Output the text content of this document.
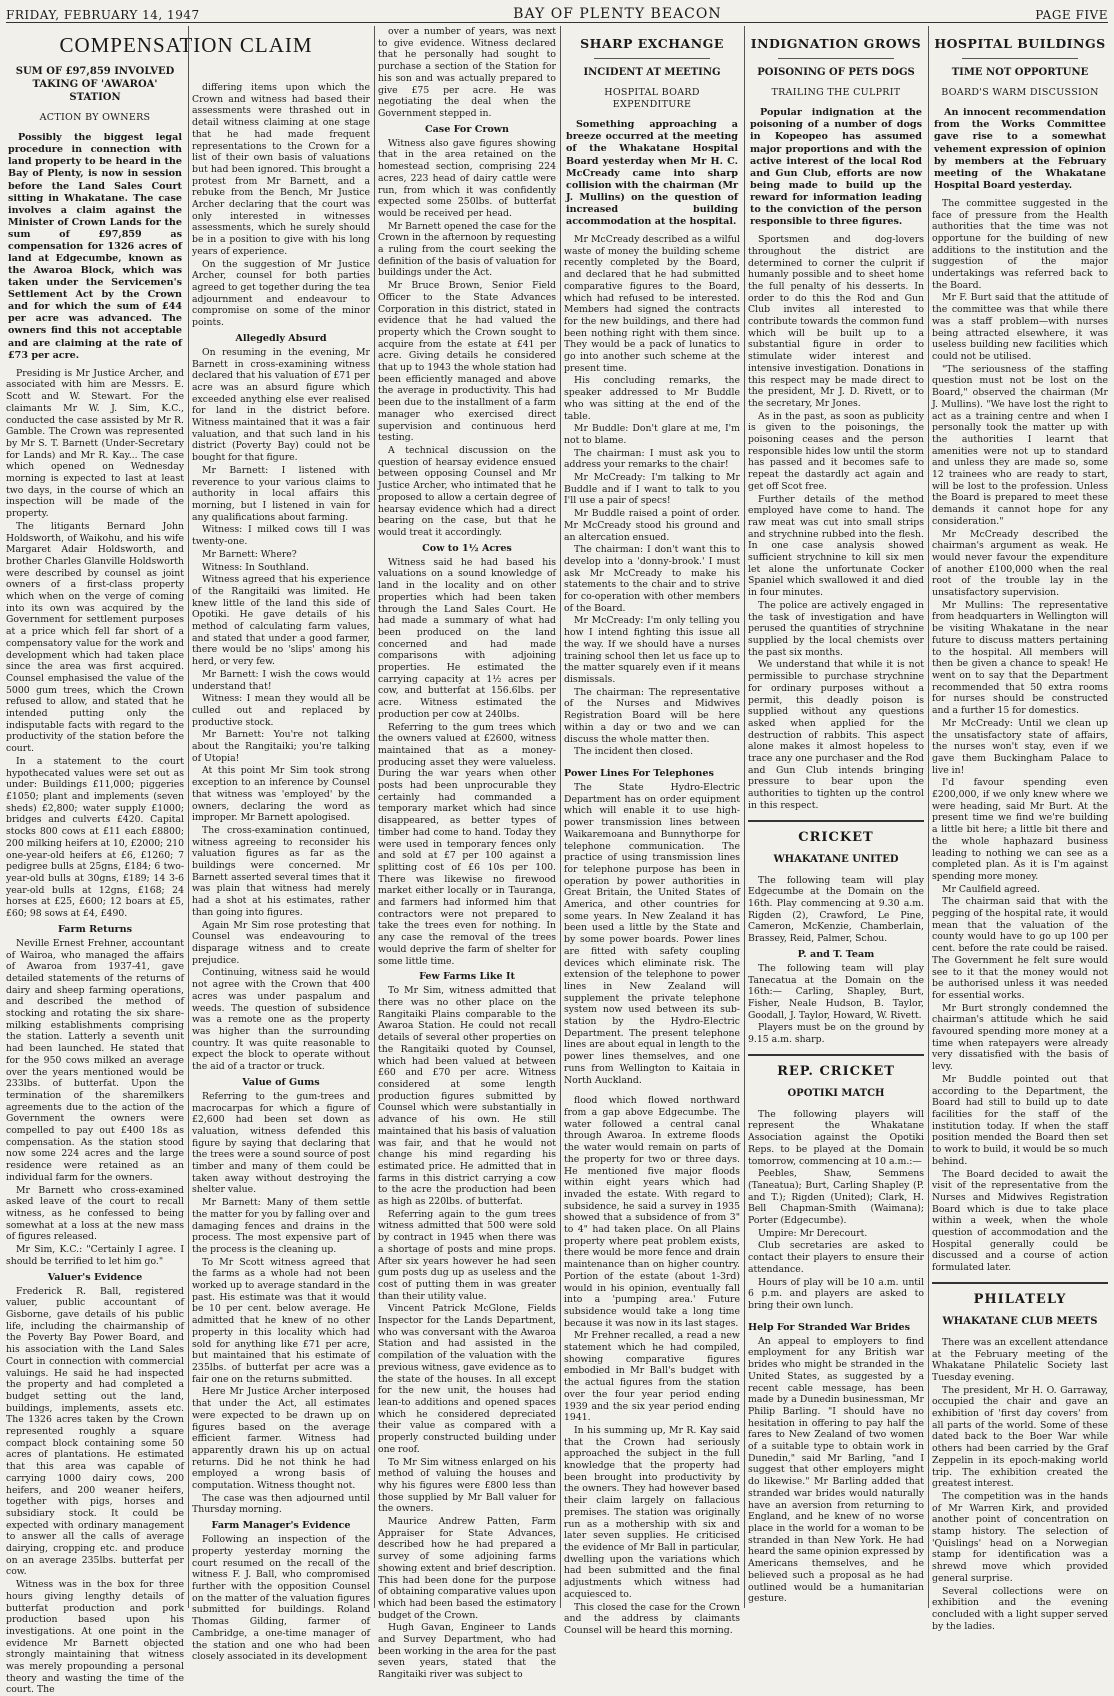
FRIDAY, FEBRUARY 14, 1947	BAY OF PLENTY BEACON	PAGE FIVE
COMPENSATION CLAIM
SUM OF £97,859 INVOLVED TAKING OF 'AWAROA' STATION
ACTION BY OWNERS

Possibly the biggest legal procedure in connection with land property to be heard in the Bay of Plenty, is now in session before the Land Sales Court sitting in Whakatane. The case involves a claim against the Minister of Crown Lands for the sum of £97,859 as compensation for 1326 acres of land at Edgecumbe, known as the Awaroa Block, which was taken under the Servicemen's Settlement Act by the Crown and for which the sum of £44 per acre was advanced. The owners find this not acceptable and are claiming at the rate of £73 per acre.

Presiding is Mr Justice Archer, and associated with him are Messrs. E. Scott and W. Stewart. For the claimants Mr W. J. Sim, K.C., conducted the case assisted by Mr R. Gamble. The Crown was represented by Mr S. T. Barnett (Under-Secretary for Lands) and Mr R. Kay... The case which opened on Wednesday morning is expected to last at least two days, in the course of which an inspection will be made of the property.

The litigants Bernard John Holdsworth, of Waikohu, and his wife Margaret Adair Holdsworth, and brother Charles Glanville Holdsworth were described by counsel as joint owners of a first-class property which when on the verge of coming into its own was acquired by the Government for settlement purposes at a price which fell far short of a compensatory value for the work and development which had taken place since the area was first acquired. Counsel emphasised the value of the 5000 gum trees, which the Crown refused to allow, and stated that he intended putting only the indisputable facts with regard to the productivity of the station before the court.

In a statement to the court hypothecated values were set out as under: Buildings £11,000; piggeries £1050; plant and implements (seven sheds) £2,800; water supply £1000; bridges and culverts £420. Capital stocks 800 cows at £11 each £8800; 200 milking heifers at 10, £2000; 210 one-year-old heifers at £6, £1260; 7 pedigree bulls at 25gns, £184; 6 two-year-old bulls at 30gns, £189; 14 3-6 year-old bulls at 12gns, £168; 24 horses at £25, £600; 12 boars at £5, £60; 98 sows at £4, £490.

Farm Returns

Neville Ernest Frehner, accountant of Wairoa, who managed the affairs of Awaroa from 1937-41, gave detailed statements of the returns of dairy and sheep farming operations, and described the method of stocking and rotating the six share-milking establishments comprising the station. Latterly a seventh unit had been launched. He stated that for the 950 cows milked an average over the years mentioned would be 233lbs. of butterfat. Upon the termination of the sharemilkers agreements due to the action of the Government the owners were compelled to pay out £400 18s as compensation. As the station stood now some 224 acres and the large residence were retained as an individual farm for the owners.

Mr Barnett who cross-examined asked leave of the court to recall witness, as he confessed to being somewhat at a loss at the new mass of figures released.

Mr Sim, K.C.: "Certainly I agree. I should be terrified to let him go."

Valuer's Evidence

Frederick R. Ball, registered valuer, public accountant of Gisborne, gave details of his public life, including the chairmanship of the Poverty Bay Power Board, and his association with the Land Sales Court in connection with commercial valuings. He said he had inspected the property and had completed a budget setting out the land, buildings, implements, assets etc. The 1326 acres taken by the Crown represented roughly a square compact block containing some 50 acres of plantations. He estimated that this area was capable of carrying 1000 dairy cows, 200 heifers, and 200 weaner heifers, together with pigs, horses and subsidiary stock. It could be expected with ordinary management to answer all the calls of average dairying, cropping etc. and produce on an average 235lbs. butterfat per cow.

Witness was in the box for three hours giving lengthy details of butterfat production and pork production based upon his investigations. At one point in the evidence Mr Barnett objected strongly maintaining that witness was merely propounding a personal theory and wasting the time of the court. The

differing items upon which the Crown and witness had based their assessments were thrashed out in detail witness claiming at one stage that he had made frequent representations to the Crown for a list of their own basis of valuations but had been ignored. This brought a protest from Mr Barnett, and a rebuke from the Bench, Mr Justice Archer declaring that the court was only interested in witnesses assessments, which he surely should be in a position to give with his long years of experience.

On the suggestion of Mr Justice Archer, counsel for both parties agreed to get together during the tea adjournment and endeavour to compromise on some of the minor points.

Allegedly Absurd

On resuming in the evening, Mr Barnett in cross-examining witness declared that his valuation of £71 per acre was an absurd figure which exceeded anything else ever realised for land in the district before. Witness maintained that it was a fair valuation, and that such land in his district (Poverty Bay) could not be bought for that figure.

Mr Barnett: I listened with reverence to your various claims to authority in local affairs this morning, but I listened in vain for any qualifications about farming.

Witness: I milked cows till I was twenty-one.

Mr Barnett: Where?

Witness: In Southland.

Witness agreed that his experience of the Rangitaiki was limited. He knew little of the land this side of Opotiki. He gave details of his method of calculating farm values, and stated that under a good farmer, there would be no 'slips' among his herd, or very few.

Mr Barnett: I wish the cows would understand that!

Witness: I mean they would all be culled out and replaced by productive stock.

Mr Barnett: You're not talking about the Rangitaiki; you're talking of Utopia!

At this point Mr Sim took strong exception to an inference by Counsel that witness was 'employed' by the owners, declaring the word as improper. Mr Barnett apologised.

The cross-examination continued, witness agreeing to reconsider his valuation figures as far as the buildings were concerned. Mr Barnett asserted several times that it was plain that witness had merely had a shot at his estimates, rather than going into figures.

Again Mr Sim rose protesting that Counsel was endeavouring to disparage witness and to create prejudice.

Continuing, witness said he would not agree with the Crown that 400 acres was under paspalum and weeds. The question of subsidence was a remote one as the property was higher than the surrounding country. It was quite reasonable to expect the block to operate without the aid of a tractor or truck.

Value of Gums

Referring to the gum-trees and macrocarpas for which a figure of £2,600 had been set down as valuation, witness defended this figure by saying that declaring that the trees were a sound source of post timber and many of them could be taken away without destroying the shelter value.

Mr Barnett: Many of them settle the matter for you by falling over and damaging fences and drains in the process. The most expensive part of the process is the cleaning up.

To Mr Scott witness agreed that the farms as a whole had not been worked up to average standard in the past. His estimate was that it would be 10 per cent. below average. He admitted that he knew of no other property in this locality which had sold for anything like £71 per acre, but maintained that his estimate of 235lbs. of butterfat per acre was a fair one on the returns submitted.

Here Mr Justice Archer interposed that under the Act, all estimates were expected to be drawn up on figures based on the average efficient farmer. Witness had apparently drawn his up on actual returns. Did he not think he had employed a wrong basis of computation. Witness thought not.

The case was then adjourned until Thursday morning.

Farm Manager's Evidence

Following an inspection of the property yesterday morning the court resumed on the recall of the witness F. J. Ball, who compromised further with the opposition Counsel on the matter of the valuation figures submitted for buildings. Roland Thomas Gilding, farmer of Cambridge, a one-time manager of the station and one who had been closely associated in its development

over a number of years, was next to give evidence. Witness declared that he personally had sought to purchase a section of the Station for his son and was actually prepared to give £75 per acre. He was negotiating the deal when the Government stepped in.

Case For Crown

Witness also gave figures showing that in the area retained on the homestead section, comprising 224 acres, 223 head of dairy cattle were run, from which it was confidently expected some 250lbs. of butterfat would be received per head.

Mr Barnett opened the case for the Crown in the afternoon by requesting a ruling from the court seeking the definition of the basis of valuation for buildings under the Act.

Mr Bruce Brown, Senior Field Officer to the State Advances Corporation in this district, stated in evidence that he had valued the property which the Crown sought to acquire from the estate at £41 per acre. Giving details he considered that up to 1943 the whole station had been efficiently managed and above the average in productivity. This had been due to the installment of a farm manager who exercised direct supervision and continuous herd testing.

A technical discussion on the question of hearsay evidence ensued between opposing Counsel and Mr Justice Archer, who intimated that he proposed to allow a certain degree of hearsay evidence which had a direct bearing on the case, but that he would treat it accordingly.

Cow to 1½ Acres

Witness said he had based his valuations on a sound knowledge of land in the locality and on other properties which had been taken through the Land Sales Court. He had made a summary of what had been produced on the land concerned and had made comparisons with adjoining properties. He estimated the carrying capacity at 1½ acres per cow, and butterfat at 156.6lbs. per acre. Witness estimated the production per cow at 240lbs.

Referring to the gum trees which the owners valued at £2600, witness maintained that as a money-producing asset they were valueless. During the war years when other posts had been unprocurable they certainly had commanded a temporary market which had since disappeared, as better types of timber had come to hand. Today they were used in temporary fences only and sold at £7 per 100 against a splitting cost of £6 10s per 100. There was likewise no firewood market either locally or in Tauranga, and farmers had informed him that contractors were not prepared to take the trees even for nothing. In any case the removal of the trees would deprive the farm of shelter for some little time.

Few Farms Like It

To Mr Sim, witness admitted that there was no other place on the Rangitaiki Plains comparable to the Awaroa Station. He could not recall details of several other properties on the Rangitaiki quoted by Counsel, which had been valued at between £60 and £70 per acre. Witness considered at some length production figures submitted by Counsel which were substantially in advance of his own. He still maintained that his basis of valuation was fair, and that he would not change his mind regarding his estimated price. He admitted that in farms in this district carrying a cow to the acre the production had been as high as 220lbs. of butterfat.

Referring again to the gum trees witness admitted that 500 were sold by contract in 1945 when there was a shortage of posts and mine props. After six years however he had seen gum posts dug up as useless and the cost of putting them in was greater than their utility value.

Vincent Patrick McGlone, Fields Inspector for the Lands Department, who was conversant with the Awaroa Station and had assisted in the compilation of the valuation with the previous witness, gave evidence as to the state of the houses. In all except for the new unit, the houses had lean-to additions and opened spaces which he considered depreciated their value as compared with a properly constructed building under one roof.

To Mr Sim witness enlarged on his method of valuing the houses and why his figures were £800 less than those supplied by Mr Ball valuer for the owners.

Maurice Andrew Patten, Farm Appraiser for State Advances, described how he had prepared a survey of some adjoining farms showing extent and brief description. This had been done for the purpose of obtaining comparative values upon which had been based the estimatory budget of the Crown.

Hugh Gavan, Engineer to Lands and Survey Department, who had been working in the area for the past seven years, stated that the Rangitaiki river was subject to

SHARP EXCHANGE
INCIDENT AT MEETING
HOSPITAL BOARD EXPENDITURE

Something approaching a breeze occurred at the meeting of the Whakatane Hospital Board yesterday when Mr H. C. McCready came into sharp collision with the chairman (Mr J. Mullins) on the question of increased building accommodation at the hospital.

Mr McCready described as a wilful waste of money the building scheme recently completed by the Board, and declared that he had submitted comparative figures to the Board, which had refused to be interested. Members had signed the contracts for the new buildings, and there had been nothing right with them since. They would be a pack of lunatics to go into another such scheme at the present time.

His concluding remarks, the speaker addressed to Mr Buddle who was sitting at the end of the table.

Mr Buddle: Don't glare at me, I'm not to blame.

The chairman: I must ask you to address your remarks to the chair!

Mr McCready: I'm talking to Mr Buddle and if I want to talk to you I'll use a pair of specs!

Mr Buddle raised a point of order. Mr McCready stood his ground and an altercation ensued.

The chairman: I don't want this to develop into a 'donny-brook.' I must ask Mr McCready to make his statements to the chair and to strive for co-operation with other members of the Board.

Mr McCready: I'm only telling you how I intend fighting this issue all the way. If we should have a nurses training school then let us face up to the matter squarely even if it means dismissals.

The chairman: The representative of the Nurses and Midwives Registration Board will be here within a day or two and we can discuss the whole matter then.

The incident then closed.

Power Lines For Telephones

The State Hydro-Electric Department has on order equipment which will enable it to use high-power transmission lines between Waikaremoana and Bunnythorpe for telephone communication. The practice of using transmission lines for telephone purpose has been in operation by power authorities in Great Britain, the United States of America, and other countries for some years. In New Zealand it has been used a little by the State and by some power boards. Power lines are fitted with safety coupling devices which eliminate risk. The extension of the telephone to power lines in New Zealand will supplement the private telephone system now used between its sub-station by the Hydro-Electric Department. The present telephone lines are about equal in length to the power lines themselves, and one runs from Wellington to Kaitaia in North Auckland.

flood which flowed northward from a gap above Edgecumbe. The water followed a central canal through Awaroa. In extreme floods the water would remain on parts of the property for two or three days. He mentioned five major floods within eight years which had invaded the estate. With regard to subsidence, he said a survey in 1935 showed that a subsidence of from 3" to 4" had taken place. On all Plains property where peat problem exists, there would be more fence and drain maintenance than on higher country. Portion of the estate (about 1-3rd) would in his opinion, eventually fall into a 'pumping area.' Future subsidence would take a long time because it was now in its last stages.

Mr Frehner recalled, a read a new statement which he had compiled, showing comparative figures embodied in Mr Ball's budget with the actual figures from the station over the four year period ending 1939 and the six year period ending 1941.

In his summing up, Mr R. Kay said that the Crown had seriously approached the subject in the full knowledge that the property had been brought into productivity by the owners. They had however based their claim largely on fallacious premises. The station was originally run as a mothership with six and later seven supplies. He criticised the evidence of Mr Ball in particular, dwelling upon the variations which had been submitted and the final adjustments which witness had acquiesced to.

This closed the case for the Crown and the address by claimants Counsel will be heard this morning.

INDIGNATION GROWS
POISONING OF PETS DOGS
TRAILING THE CULPRIT

Popular indignation at the poisoning of a number of dogs in Kopeopeo has assumed major proportions and with the active interest of the local Rod and Gun Club, efforts are now being made to build up the reward for information leading to the conviction of the person responsible to three figures.

Sportsmen and dog-lovers throughout the district are determined to corner the culprit if humanly possible and to sheet home the full penalty of his desserts. In order to do this the Rod and Gun Club invites all interested to contribute towards the common fund which will be built up to a substantial figure in order to stimulate wider interest and intensive investigation. Donations in this respect may be made direct to the president, Mr J. D. Rivett, or to the secretary, Mr Jones.

As in the past, as soon as publicity is given to the poisonings, the poisoning ceases and the person responsible hides low until the storm has passed and it becomes safe to repeat the dastardly act again and get off Scot free.

Further details of the method employed have come to hand. The raw meat was cut into small strips and strychnine rubbed into the flesh. In one case analysis showed sufficient strychnine to kill six men let alone the unfortunate Cocker Spaniel which swallowed it and died in four minutes.

The police are actively engaged in the task of investigation and have perused the quantities of strychnine supplied by the local chemists over the past six months.

We understand that while it is not permissible to purchase strychnine for ordinary purposes without a permit, this deadly poison is supplied without any questions asked when applied for the destruction of rabbits. This aspect alone makes it almost hopeless to trace any one purchaser and the Rod and Gun Club intends bringing pressure to bear upon the authorities to tighten up the control in this respect.

CRICKET
WHAKATANE UNITED

The following team will play Edgecumbe at the Domain on the 16th. Play commencing at 9.30 a.m. Rigden (2), Crawford, Le Pine, Cameron, McKenzie, Chamberlain, Brassey, Reid, Palmer, Schou.

P. and T. Team

The following team will play Tanecatua at the Domain on the 16th:— Carling, Shapley, Burt, Fisher, Neale Hudson, B. Taylor, Goodall, J. Taylor, Howard, W. Rivett.

Players must be on the ground by 9.15 a.m. sharp.

REP. CRICKET
OPOTIKI MATCH

The following players will represent the Whakatane Association against the Opotiki Reps. to be played at the Domain tomorrow, commencing at 10 a.m.:—

Peebles, Shaw, Semmens (Taneatua); Burt, Carling Shapley (P. and T.); Rigden (United); Clark, H. Bell Chapman-Smith (Waimana); Porter (Edgecumbe).

Umpire: Mr Derecourt.

Club secretaries are asked to contact their players to ensure their attendance.

Hours of play will be 10 a.m. until 6 p.m. and players are asked to bring their own lunch.

Help For Stranded War Brides

An appeal to employers to find employment for any British war brides who might be stranded in the United States, as suggested by a recent cable message, has been made by a Dunedin businessman, Mr Philip Barling. "I should have no hesitation in offering to pay half the fares to New Zealand of two women of a suitable type to obtain work in Dunedin," said Mr Barling, "and I suggest that other employers might do likewise." Mr Barling added that stranded war brides would naturally have an aversion from returning to England, and he knew of no worse place in the world for a woman to be stranded in than New York. He had heard the same opinion expressed by Americans themselves, and he believed such a proposal as he had outlined would be a humanitarian gesture.

HOSPITAL BUILDINGS
TIME NOT OPPORTUNE
BOARD'S WARM DISCUSSION

An innocent recommendation from the Works Committee gave rise to a somewhat vehement expression of opinion by members at the February meeting of the Whakatane Hospital Board yesterday.

The committee suggested in the face of pressure from the Health authorities that the time was not opportune for the building of new additions to the institution and the suggestion of the major undertakings was referred back to the Board.

Mr F. Burt said that the attitude of the committee was that while there was a staff problem—with nurses being attracted elsewhere, it was useless building new facilities which could not be utilised.

"The seriousness of the staffing question must not be lost on the Board," observed the chairman (Mr J. Mullins). "We have lost the right to act as a training centre and when I personally took the matter up with the authorities I learnt that amenities were not up to standard and unless they are made so, some 12 trainees who are ready to start, will be lost to the profession. Unless the Board is prepared to meet these demands it cannot hope for any consideration."

Mr McCready described the chairman's argument as weak. He would never favour the expenditure of another £100,000 when the real root of the trouble lay in the unsatisfactory supervision.

Mr Mullins: The representative from headquarters in Wellington will be visiting Whakatane in the near future to discuss matters pertaining to the hospital. All members will then be given a chance to speak! He went on to say that the Department recommended that 50 extra rooms for nurses should be constructed and a further 15 for domestics.

Mr McCready: Until we clean up the unsatisfactory state of affairs, the nurses won't stay, even if we gave them Buckingham Palace to live in!

I'd favour spending even £200,000, if we only knew where we were heading, said Mr Burt. At the present time we find we're building a little bit here; a little bit there and the whole haphazard business leading to nothing we can see as a completed plan. As it is I'm against spending more money.

Mr Caulfield agreed.

The chairman said that with the pegging of the hospital rate, it would mean that the valuation of the county would have to go up 100 per cent. before the rate could be raised. The Government he felt sure would see to it that the money would not be authorised unless it was needed for essential works.

Mr Burt strongly condemned the chairman's attitude which he said favoured spending more money at a time when ratepayers were already very dissatisfied with the basis of levy.

Mr Buddle pointed out that according to the Department, the Board had still to build up to date facilities for the staff of the institution today. If when the staff position mended the Board then set to work to build, it would be so much behind.

The Board decided to await the visit of the representative from the Nurses and Midwives Registration Board which is due to take place within a week, when the whole question of accommodation and the Hospital generally could be discussed and a course of action formulated later.

PHILATELY
WHAKATANE CLUB MEETS

There was an excellent attendance at the February meeting of the Whakatane Philatelic Society last Tuesday evening.

The president, Mr H. O. Garraway, occupied the chair and gave an exhibition of 'first day covers' from all parts of the world. Some of these dated back to the Boer War while others had been carried by the Graf Zeppelin in its epoch-making world trip. The exhibition created the greatest interest.

The competition was in the hands of Mr Warren Kirk, and provided another point of concentration on stamp history. The selection of 'Quislings' head on a Norwegian stamp for identification was a shrewd move which provided general surprise.

Several collections were on exhibition and the evening concluded with a light supper served by the ladies.
